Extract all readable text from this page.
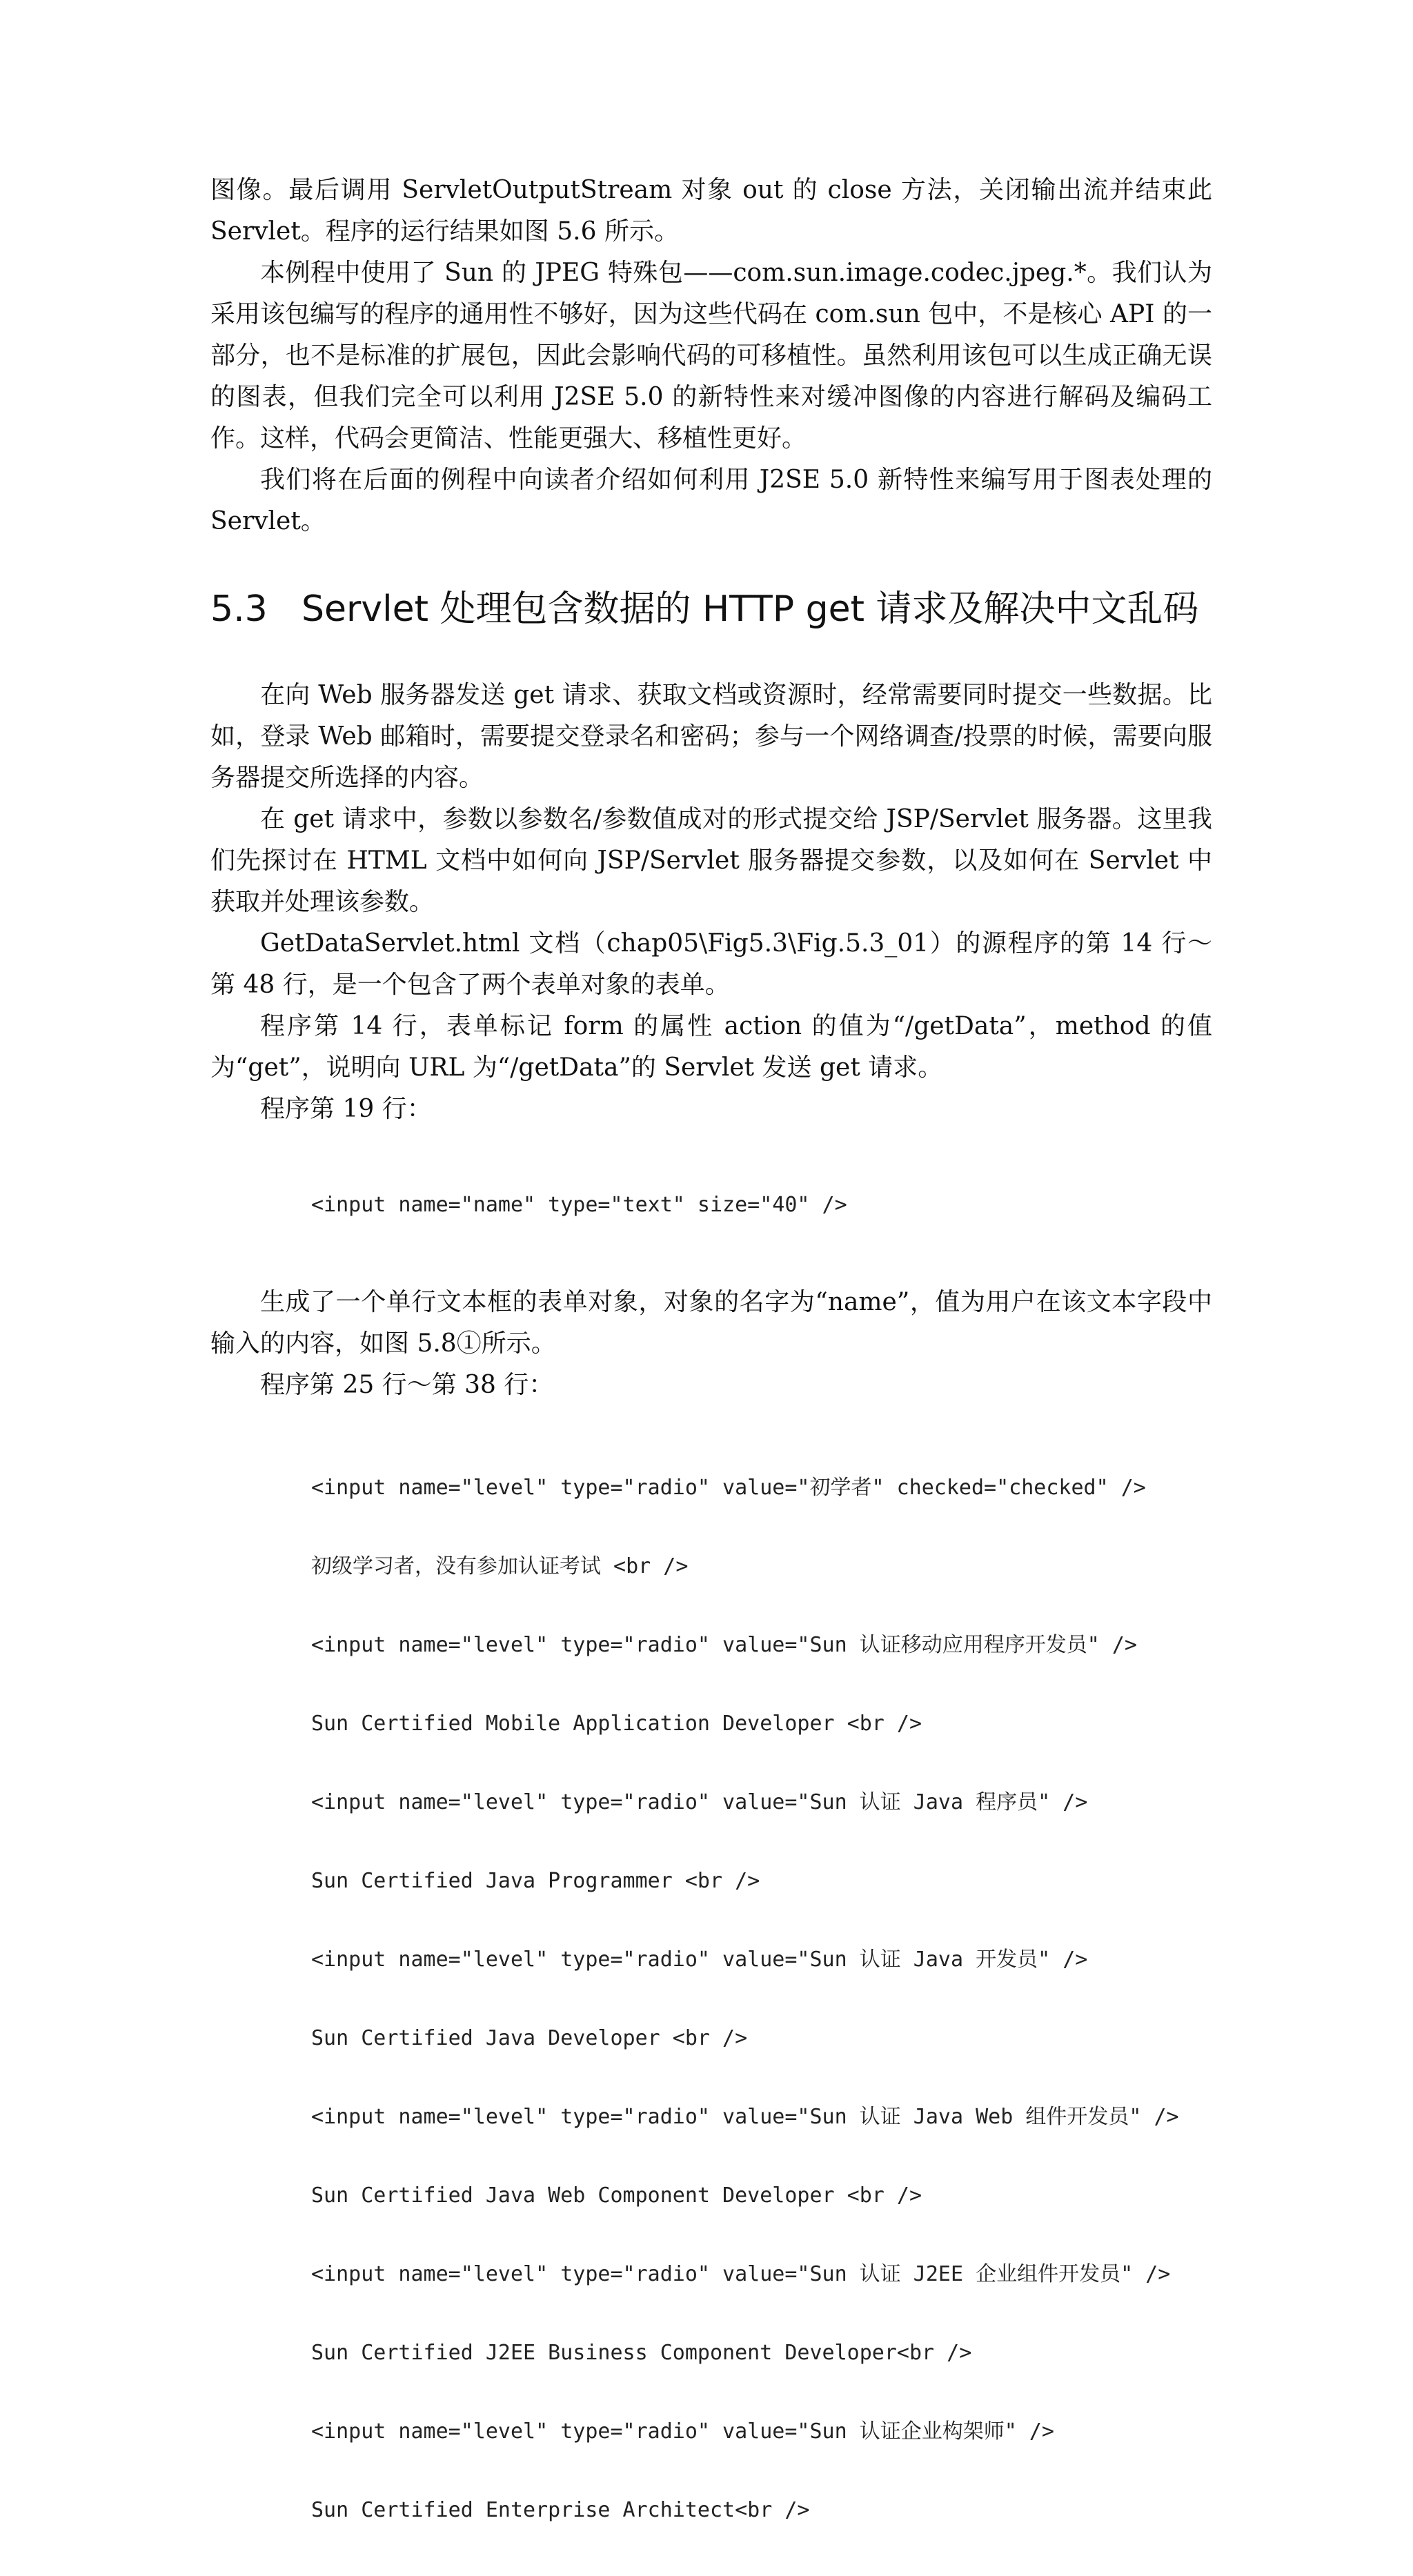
图像。最后调用 ServletOutputStream 对象 out 的 close 方法，关闭输出流并结束此 Servlet。程序的运行结果如图 5.6 所示。

本例程中使用了 Sun 的 JPEG 特殊包——com.sun.image.codec.jpeg.*。我们认为采用该包编写的程序的通用性不够好，因为这些代码在 com.sun 包中，不是核心 API 的一部分，也不是标准的扩展包，因此会影响代码的可移植性。虽然利用该包可以生成正确无误的图表，但我们完全可以利用 J2SE 5.0 的新特性来对缓冲图像的内容进行解码及编码工作。这样，代码会更简洁、性能更强大、移植性更好。

我们将在后面的例程中向读者介绍如何利用 J2SE 5.0 新特性来编写用于图表处理的 Servlet。

5.3 Servlet 处理包含数据的 HTTP get 请求及解决中文乱码

在向 Web 服务器发送 get 请求、获取文档或资源时，经常需要同时提交一些数据。比如，登录 Web 邮箱时，需要提交登录名和密码；参与一个网络调查/投票的时候，需要向服务器提交所选择的内容。

在 get 请求中，参数以参数名/参数值成对的形式提交给 JSP/Servlet 服务器。这里我们先探讨在 HTML 文档中如何向 JSP/Servlet 服务器提交参数，以及如何在 Servlet 中获取并处理该参数。

GetDataServlet.html 文档（chap05\Fig5.3\Fig.5.3_01）的源程序的第 14 行～第 48 行，是一个包含了两个表单对象的表单。

程序第 14 行，表单标记 form 的属性 action 的值为“/getData”，method 的值为“get”，说明向 URL 为“/getData”的 Servlet 发送 get 请求。

程序第 19 行：

<input name="name" type="text" size="40" />

生成了一个单行文本框的表单对象，对象的名字为“name”，值为用户在该文本字段中输入的内容，如图 5.8①所示。

程序第 25 行～第 38 行：

<input name="level" type="radio" value="初学者" checked="checked" />

初级学习者，没有参加认证考试 <br />

<input name="level" type="radio" value="Sun 认证移动应用程序开发员" />

Sun Certified Mobile Application Developer <br />

<input name="level" type="radio" value="Sun 认证 Java 程序员" />

Sun Certified Java Programmer <br />

<input name="level" type="radio" value="Sun 认证 Java 开发员" />

Sun Certified Java Developer <br />

<input name="level" type="radio" value="Sun 认证 Java Web 组件开发员" />

Sun Certified Java Web Component Developer <br />

<input name="level" type="radio" value="Sun 认证 J2EE 企业组件开发员" />

Sun Certified J2EE Business Component Developer<br />

<input name="level" type="radio" value="Sun 认证企业构架师" />

Sun Certified Enterprise Architect<br />
